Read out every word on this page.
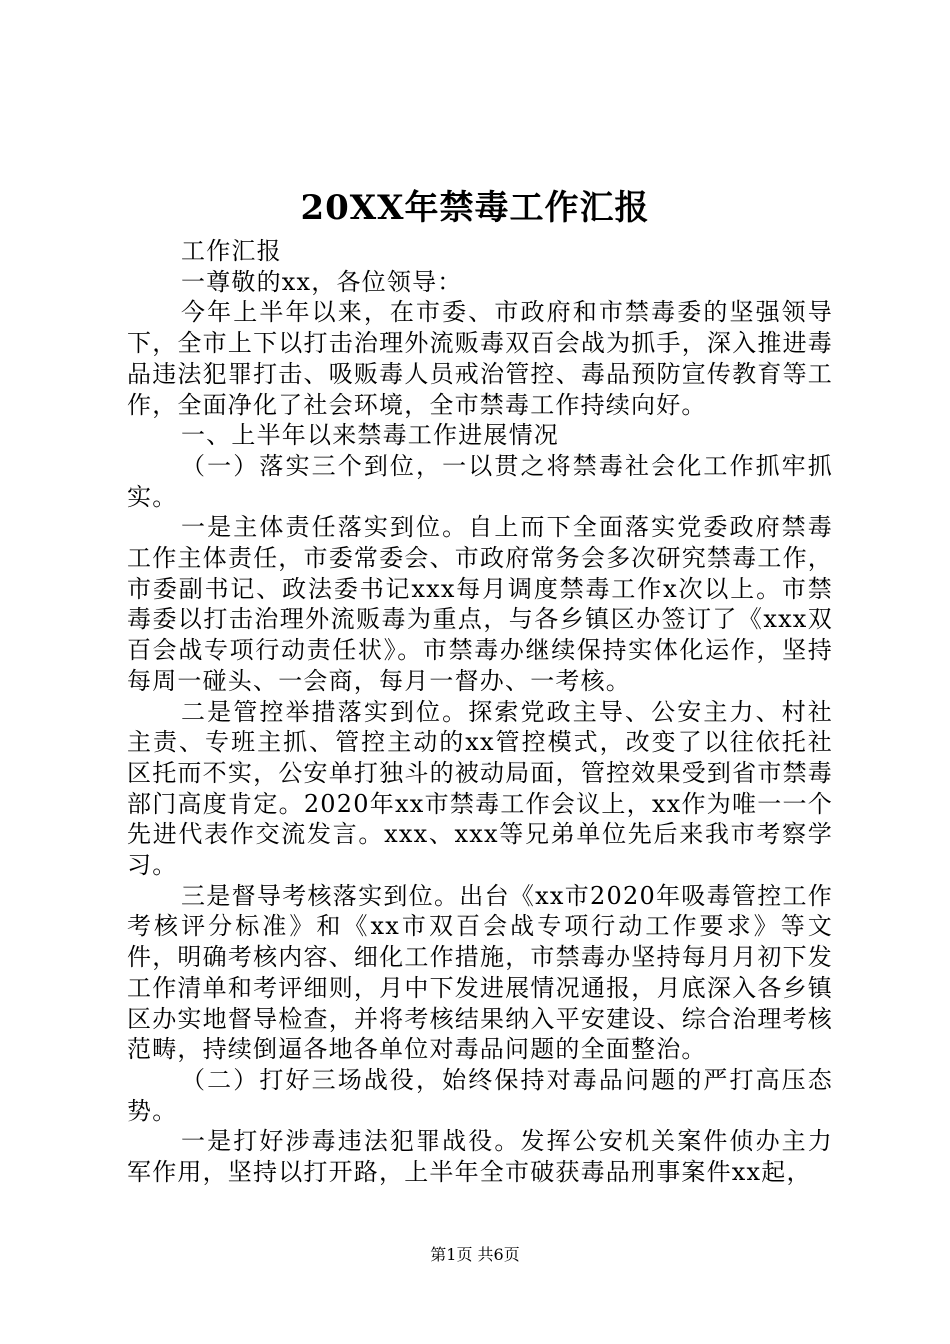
20XX年禁毒工作汇报

工作汇报

一尊敬的xx，各位领导：

今年上半年以来，在市委、市政府和市禁毒委的坚强领导下，全市上下以打击治理外流贩毒双百会战为抓手，深入推进毒品违法犯罪打击、吸贩毒人员戒治管控、毒品预防宣传教育等工作，全面净化了社会环境，全市禁毒工作持续向好。

一、上半年以来禁毒工作进展情况

（一）落实三个到位，一以贯之将禁毒社会化工作抓牢抓实。

一是主体责任落实到位。自上而下全面落实党委政府禁毒工作主体责任，市委常委会、市政府常务会多次研究禁毒工作，市委副书记、政法委书记xxx每月调度禁毒工作x次以上。市禁毒委以打击治理外流贩毒为重点，与各乡镇区办签订了《xxx双百会战专项行动责任状》。市禁毒办继续保持实体化运作，坚持每周一碰头、一会商，每月一督办、一考核。

二是管控举措落实到位。探索党政主导、公安主力、村社主责、专班主抓、管控主动的xx管控模式，改变了以往依托社区托而不实，公安单打独斗的被动局面，管控效果受到省市禁毒部门高度肯定。2020年xx市禁毒工作会议上，xx作为唯一一个先进代表作交流发言。xxx、xxx等兄弟单位先后来我市考察学习。

三是督导考核落实到位。出台《xx市2020年吸毒管控工作考核评分标准》和《xx市双百会战专项行动工作要求》等文件，明确考核内容、细化工作措施，市禁毒办坚持每月月初下发工作清单和考评细则，月中下发进展情况通报，月底深入各乡镇区办实地督导检查，并将考核结果纳入平安建设、综合治理考核范畴，持续倒逼各地各单位对毒品问题的全面整治。

（二）打好三场战役，始终保持对毒品问题的严打高压态势。

一是打好涉毒违法犯罪战役。发挥公安机关案件侦办主力军作用，坚持以打开路，上半年全市破获毒品刑事案件xx起，

第1页 共6页
